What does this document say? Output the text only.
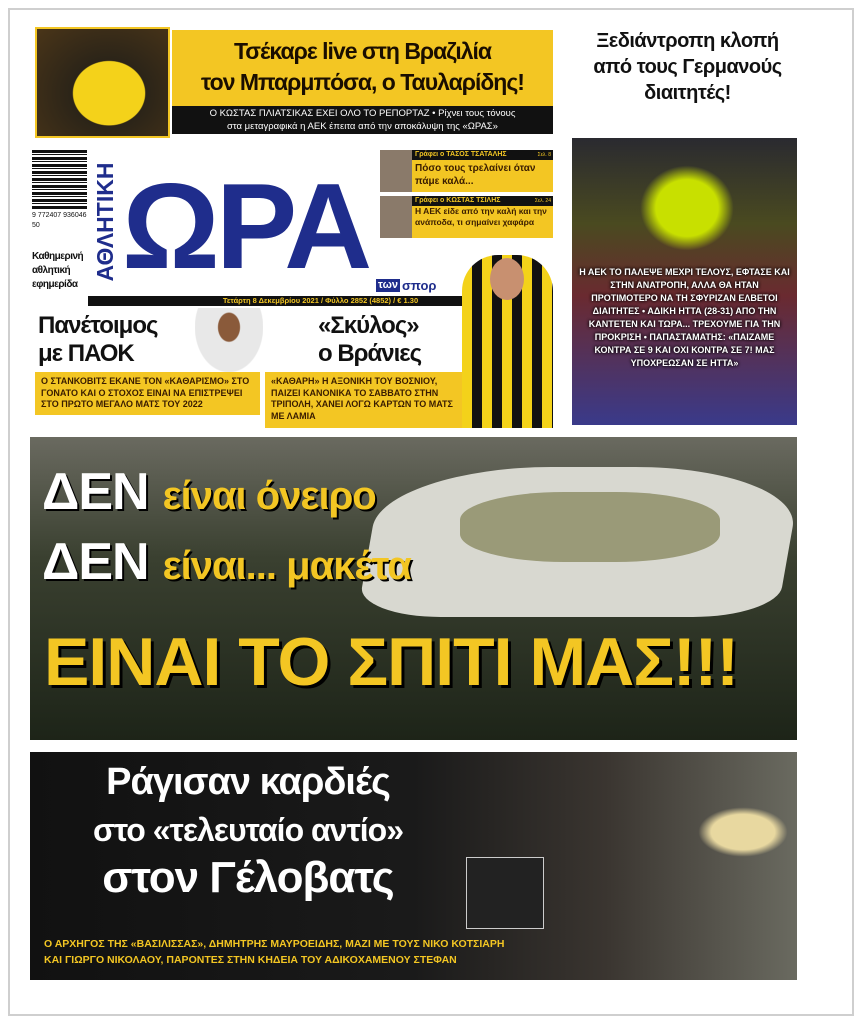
Τσέκαρε live στη Βραζιλία
τον Μπαρμπόσα, ο Ταυλαρίδης!
Ο ΚΩΣΤΑΣ ΠΛΙΑΤΣΙΚΑΣ ΕΧΕΙ ΟΛΟ ΤΟ ΡΕΠΟΡΤΑΖ • Ρίχνει τους τόνους
στα μεταγραφικά η ΑΕΚ έπειτα από την αποκάλυψη της «ΩΡΑΣ»
Ξεδιάντροπη κλοπή από τους Γερμανούς διαιτητές!
Η ΑΕΚ ΤΟ ΠΑΛΕΨΕ ΜΕΧΡΙ ΤΕΛΟΥΣ, ΕΦΤΑΣΕ ΚΑΙ ΣΤΗΝ ΑΝΑΤΡΟΠΗ, ΑΛΛΑ ΘΑ ΗΤΑΝ ΠΡΟΤΙΜΟΤΕΡΟ ΝΑ ΤΗ ΣΦΥΡΙΖΑΝ ΕΛΒΕΤΟΙ ΔΙΑΙΤΗΤΕΣ • ΑΔΙΚΗ ΗΤΤΑ (28-31) ΑΠΟ ΤΗΝ ΚΑΝΤΕΤΕΝ ΚΑΙ ΤΩΡΑ... ΤΡΕΧΟΥΜΕ ΓΙΑ ΤΗΝ ΠΡΟΚΡΙΣΗ • ΠΑΠΑΣΤΑΜΑΤΗΣ: «ΠΑΙΖΑΜΕ ΚΟΝΤΡΑ ΣΕ 9 ΚΑΙ ΟΧΙ ΚΟΝΤΡΑ ΣΕ 7! ΜΑΣ ΥΠΟΧΡΕΩΣΑΝ ΣΕ ΗΤΤΑ»
9 772407 936046
50
Καθημερινή
αθλητική
εφημερίδα
ΑΘΛΗΤΙΚΗ ΩΡΑ των σπορ
Τετάρτη 8 Δεκεμβρίου 2021 / Φύλλο 2852 (4852) / € 1.30
Γράφει ο ΤΑΣΟΣ ΤΣΑΤΑΛΗΣ	Σελ. 8
Πόσο τους τρελαίνει όταν πάμε καλά...
Γράφει ο ΚΩΣΤΑΣ ΤΣΙΛΗΣ	Σελ. 24
Η ΑΕΚ είδε από την καλή και την ανάποδα, τι σημαίνει χαφάρα
Πανέτοιμος
με ΠΑΟΚ
Ο ΣΤΑΝΚΟΒΙΤΣ ΕΚΑΝΕ ΤΟΝ «ΚΑΘΑΡΙΣΜΟ» ΣΤΟ ΓΟΝΑΤΟ ΚΑΙ Ο ΣΤΟΧΟΣ ΕΙΝΑΙ ΝΑ ΕΠΙΣΤΡΕΨΕΙ ΣΤΟ ΠΡΩΤΟ ΜΕΓΑΛΟ ΜΑΤΣ ΤΟΥ 2022
«Σκύλος»
ο Βράνιες
«ΚΑΘΑΡΗ» Η ΑΞΟΝΙΚΗ ΤΟΥ ΒΟΣΝΙΟΥ, ΠΑΙΖΕΙ ΚΑΝΟΝΙΚΑ ΤΟ ΣΑΒΒΑΤΟ ΣΤΗΝ ΤΡΙΠΟΛΗ, ΧΑΝΕΙ ΛΟΓΩ ΚΑΡΤΩΝ ΤΟ ΜΑΤΣ ΜΕ ΛΑΜΙΑ
ΔΕΝ είναι όνειρο
ΔΕΝ είναι... μακέτα
ΕΙΝΑΙ ΤΟ ΣΠΙΤΙ ΜΑΣ!!!
Ράγισαν καρδιές
στο «τελευταίο αντίο»
στον Γέλοβατς
Ο ΑΡΧΗΓΟΣ ΤΗΣ «ΒΑΣΙΛΙΣΣΑΣ», ΔΗΜΗΤΡΗΣ ΜΑΥΡΟΕΙΔΗΣ, ΜΑΖΙ ΜΕ ΤΟΥΣ ΝΙΚΟ ΚΟΤΣΙΑΡΗ
ΚΑΙ ΓΙΩΡΓΟ ΝΙΚΟΛΑΟΥ, ΠΑΡΟΝΤΕΣ ΣΤΗΝ ΚΗΔΕΙΑ ΤΟΥ ΑΔΙΚΟΧΑΜΕΝΟΥ ΣΤΕΦΑΝ
